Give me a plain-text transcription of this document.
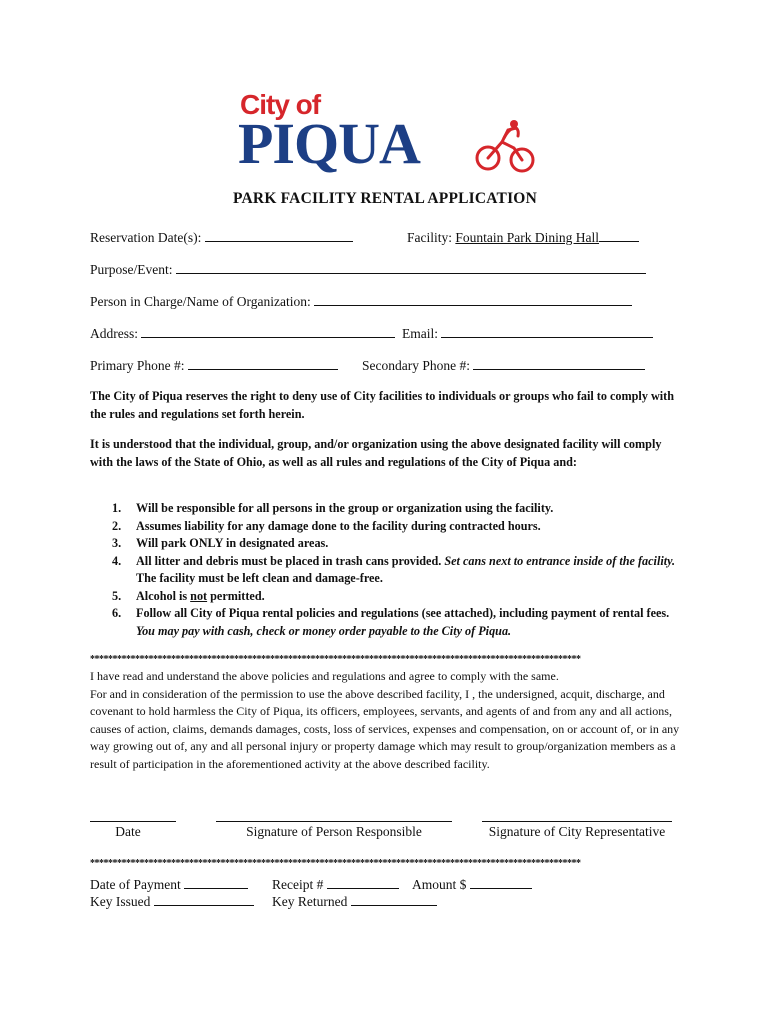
City of
PIQUA
PARK FACILITY RENTAL APPLICATION
Reservation Date(s):	Facility: Fountain Park Dining Hall
Purpose/Event:
Person in Charge/Name of Organization:
Address:	Email:
Primary Phone #:	Secondary Phone #:
The City of Piqua reserves the right to deny use of City facilities to individuals or groups who fail to comply with the rules and regulations set forth herein.
It is understood that the individual, group, and/or organization using the above designated facility will comply with the laws of the State of Ohio, as well as all rules and regulations of the City of Piqua and:
1. Will be responsible for all persons in the group or organization using the facility.
2. Assumes liability for any damage done to the facility during contracted hours.
3. Will park ONLY in designated areas.
4. All litter and debris must be placed in trash cans provided. Set cans next to entrance inside of the facility. The facility must be left clean and damage-free.
5. Alcohol is not permitted.
6. Follow all City of Piqua rental policies and regulations (see attached), including payment of rental fees. You may pay with cash, check or money order payable to the City of Piqua.
*************************************************************************************************************
I have read and understand the above policies and regulations and agree to comply with the same.
For and in consideration of the permission to use the above described facility, I , the undersigned, acquit, discharge, and covenant to hold harmless the City of Piqua, its officers, employees, servants, and agents of and from any and all actions, causes of action, claims, demands damages, costs, loss of services, expenses and compensation, on or account of, or in any way growing out of, any and all personal injury or property damage which may result to group/organization members as a result of participation in the aforementioned activity at the above described facility.
Date	Signature of Person Responsible	Signature of City Representative
*************************************************************************************************************
Date of Payment	Receipt #	Amount $
Key Issued	Key Returned
